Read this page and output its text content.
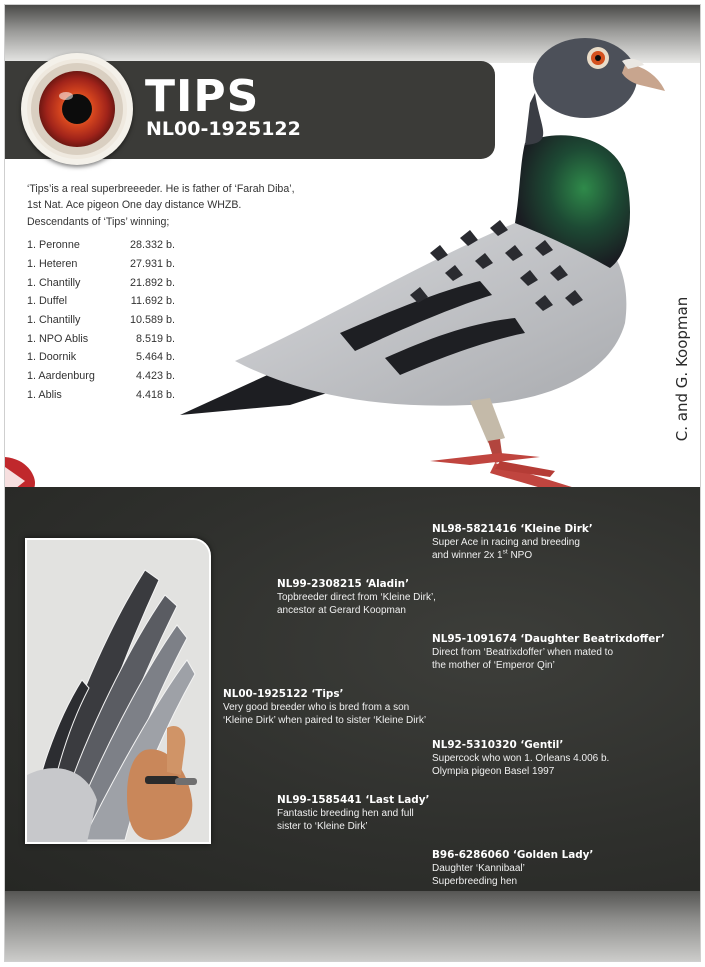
TIPS
NL00-1925122
‘Tips’is a real superbreeeder. He is father of ‘Farah Diba’,
1st Nat. Ace pigeon One day distance WHZB.
Descendants of ‘Tips’ winning;
1. Peronne	28.332 b.
1. Heteren	27.931 b.
1. Chantilly	21.892 b.
1. Duffel	11.692 b.
1. Chantilly	10.589 b.
1. NPO Ablis	8.519 b.
1. Doornik	5.464 b.
1. Aardenburg	4.423 b.
1. Ablis	4.418 b.	C. and G. Koopman
NL98-5821416 ‘Kleine Dirk’
Super Ace in racing and breeding
and winner 2x 1st NPO
NL99-2308215 ‘Aladin’
Topbreeder direct from ‘Kleine Dirk’,
ancestor at Gerard Koopman
NL95-1091674 ‘Daughter Beatrixdoffer’
Direct from ‘Beatrixdoffer’ when mated to
the mother of ‘Emperor Qin’
NL00-1925122 ‘Tips’
Very good breeder who is bred from a son
‘Kleine Dirk’ when paired to sister ‘Kleine Dirk’
NL92-5310320 ‘Gentil’
Supercock who won 1. Orleans 4.006 b.
Olympia pigeon Basel 1997
NL99-1585441 ‘Last Lady’
Fantastic breeding hen and full
sister to ‘Kleine Dirk’
B96-6286060 ‘Golden Lady’
Daughter ‘Kannibaal’
Superbreeding hen
